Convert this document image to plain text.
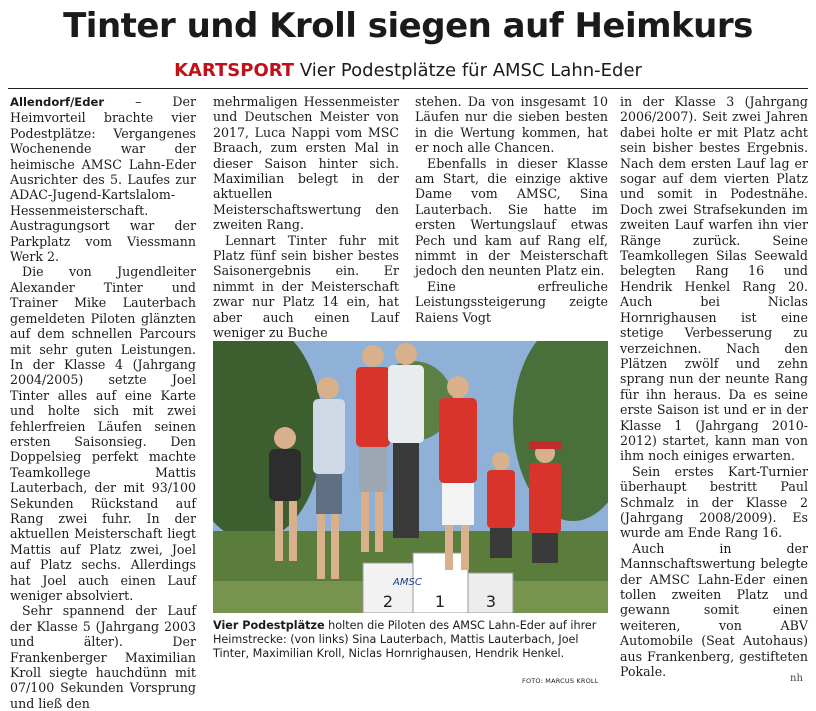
Tinter und Kroll siegen auf Heimkurs
KARTSPORT Vier Podestplätze für AMSC Lahn-Eder

Allendorf/Eder – Der Heimvorteil brachte vier Podestplätze: Vergangenes Wochenende war der heimische AMSC Lahn-Eder Ausrichter des 5. Laufes zur ADAC-Jugend-Kartslalom-Hessenmeisterschaft. Austragungsort war der Parkplatz vom Viessmann Werk 2.

Die von Jugendleiter Alexander Tinter und Trainer Mike Lauterbach gemeldeten Piloten glänzten auf dem schnellen Parcours mit sehr guten Leistungen. In der Klasse 4 (Jahrgang 2004/2005) setzte Joel Tinter alles auf eine Karte und holte sich mit zwei fehlerfreien Läufen seinen ersten Saisonsieg. Den Doppelsieg perfekt machte Teamkollege Mattis Lauterbach, der mit 93/100 Sekunden Rückstand auf Rang zwei fuhr. In der aktuellen Meisterschaft liegt Mattis auf Platz zwei, Joel auf Platz sechs. Allerdings hat Joel auch einen Lauf weniger absolviert.

Sehr spannend der Lauf der Klasse 5 (Jahrgang 2003 und älter). Der Frankenberger Maximilian Kroll siegte hauchdünn mit 07/100 Sekunden Vorsprung und ließ den

mehrmaligen Hessenmeister und Deutschen Meister von 2017, Luca Nappi vom MSC Braach, zum ersten Mal in dieser Saison hinter sich. Maximilian belegt in der aktuellen Meisterschaftswertung den zweiten Rang.

Lennart Tinter fuhr mit Platz fünf sein bisher bestes Saisonergebnis ein. Er nimmt in der Meisterschaft zwar nur Platz 14 ein, hat aber auch einen Lauf weniger zu Buche

stehen. Da von insgesamt 10 Läufen nur die sieben besten in die Wertung kommen, hat er noch alle Chancen.

Ebenfalls in dieser Klasse am Start, die einzige aktive Dame vom AMSC, Sina Lauterbach. Sie hatte im ersten Wertungslauf etwas Pech und kam auf Rang elf, nimmt in der Meisterschaft jedoch den neunten Platz ein.

Eine erfreuliche Leistungssteigerung zeigte Raiens Vogt

in der Klasse 3 (Jahrgang 2006/2007). Seit zwei Jahren dabei holte er mit Platz acht sein bisher bestes Ergebnis. Nach dem ersten Lauf lag er sogar auf dem vierten Platz und somit in Podestnähe. Doch zwei Strafsekunden im zweiten Lauf warfen ihn vier Ränge zurück. Seine Teamkollegen Silas Seewald belegten Rang 16 und Hendrik Henkel Rang 20. Auch bei Niclas Hornrighausen ist eine stetige Verbesserung zu verzeichnen. Nach den Plätzen zwölf und zehn sprang nun der neunte Rang für ihn heraus. Da es seine erste Saison ist und er in der Klasse 1 (Jahrgang 2010-2012) startet, kann man von ihm noch einiges erwarten.

Sein erstes Kart-Turnier überhaupt bestritt Paul Schmalz in der Klasse 2 (Jahrgang 2008/2009). Es wurde am Ende Rang 16.

Auch in der Mannschaftswertung belegte der AMSC Lahn-Eder einen tollen zweiten Platz und gewann somit einen weiteren, von ABV Automobile (Seat Autohaus) aus Frankenberg, gestifteten Pokale.

2	1	3
AMSC
Vier Podestplätze holten die Piloten des AMSC Lahn-Eder auf ihrer Heimstrecke: (von links) Sina Lauterbach, Mattis Lauterbach, Joel Tinter, Maximilian Kroll, Niclas Hornrighausen, Hendrik Henkel.
FOTO: MARCUS KROLL	nh
